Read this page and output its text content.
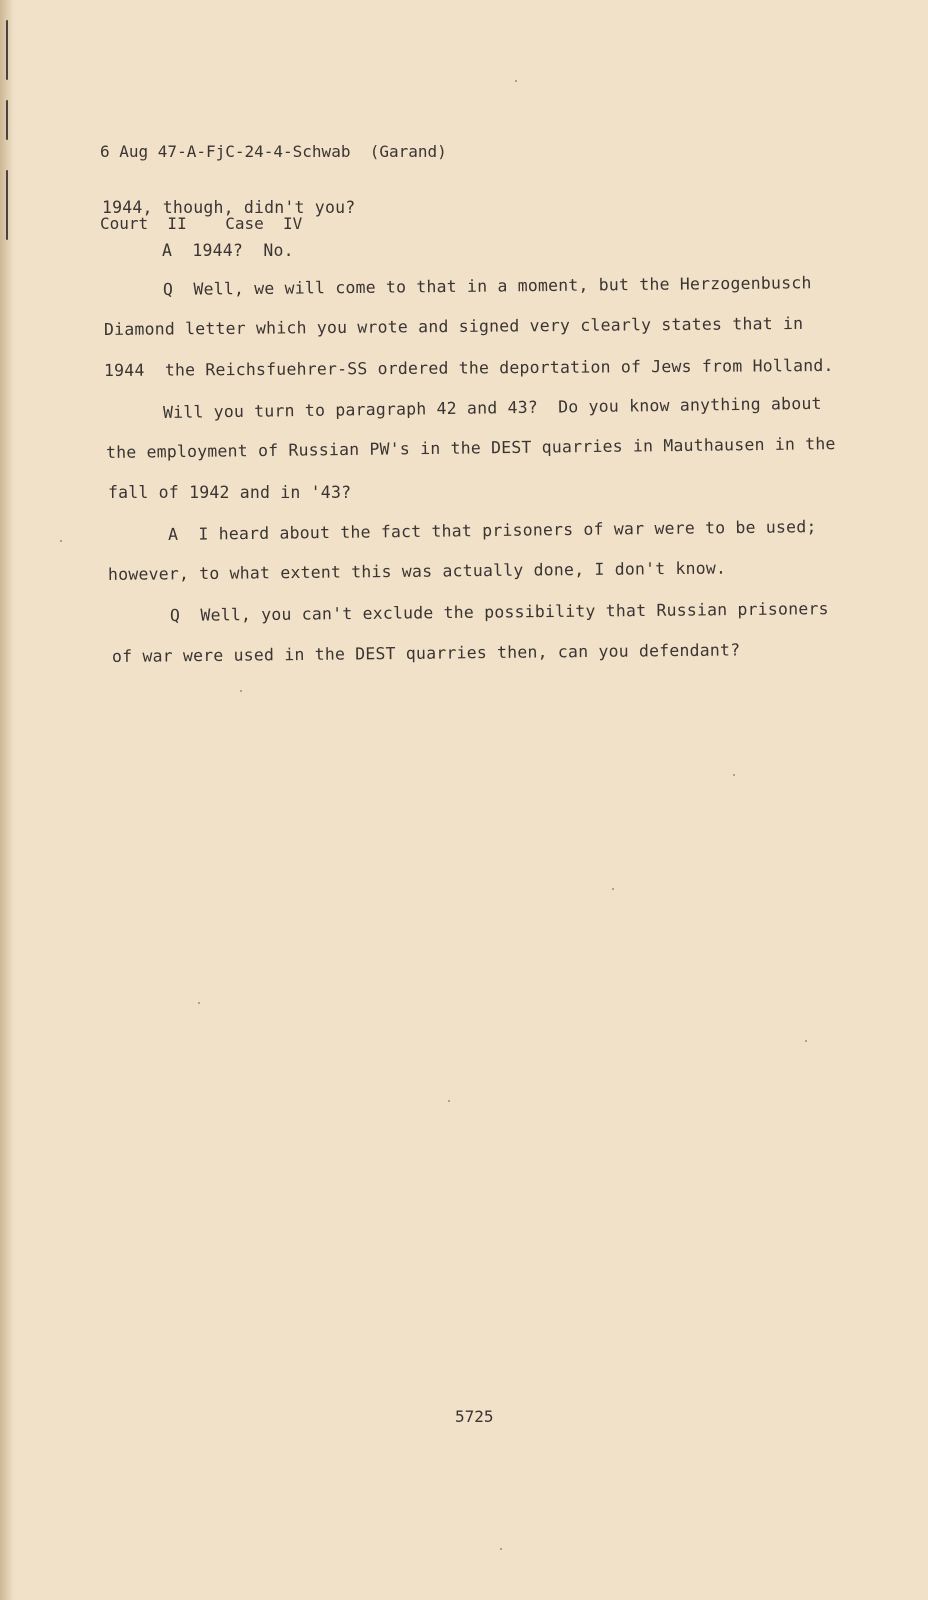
6 Aug 47-A-FjC-24-4-Schwab  (Garand)

Court  II    Case  IV

1944, though, didn't you?
A  1944?  No.
Q  Well, we will come to that in a moment, but the Herzogenbusch
Diamond letter which you wrote and signed very clearly states that in
1944  the Reichsfuehrer-SS ordered the deportation of Jews from Holland.
Will you turn to paragraph 42 and 43?  Do you know anything about
the employment of Russian PW's in the DEST quarries in Mauthausen in the
fall of 1942 and in '43?
A  I heard about the fact that prisoners of war were to be used;
however, to what extent this was actually done, I don't know.
Q  Well, you can't exclude the possibility that Russian prisoners
of war were used in the DEST quarries then, can you defendant?
5725
